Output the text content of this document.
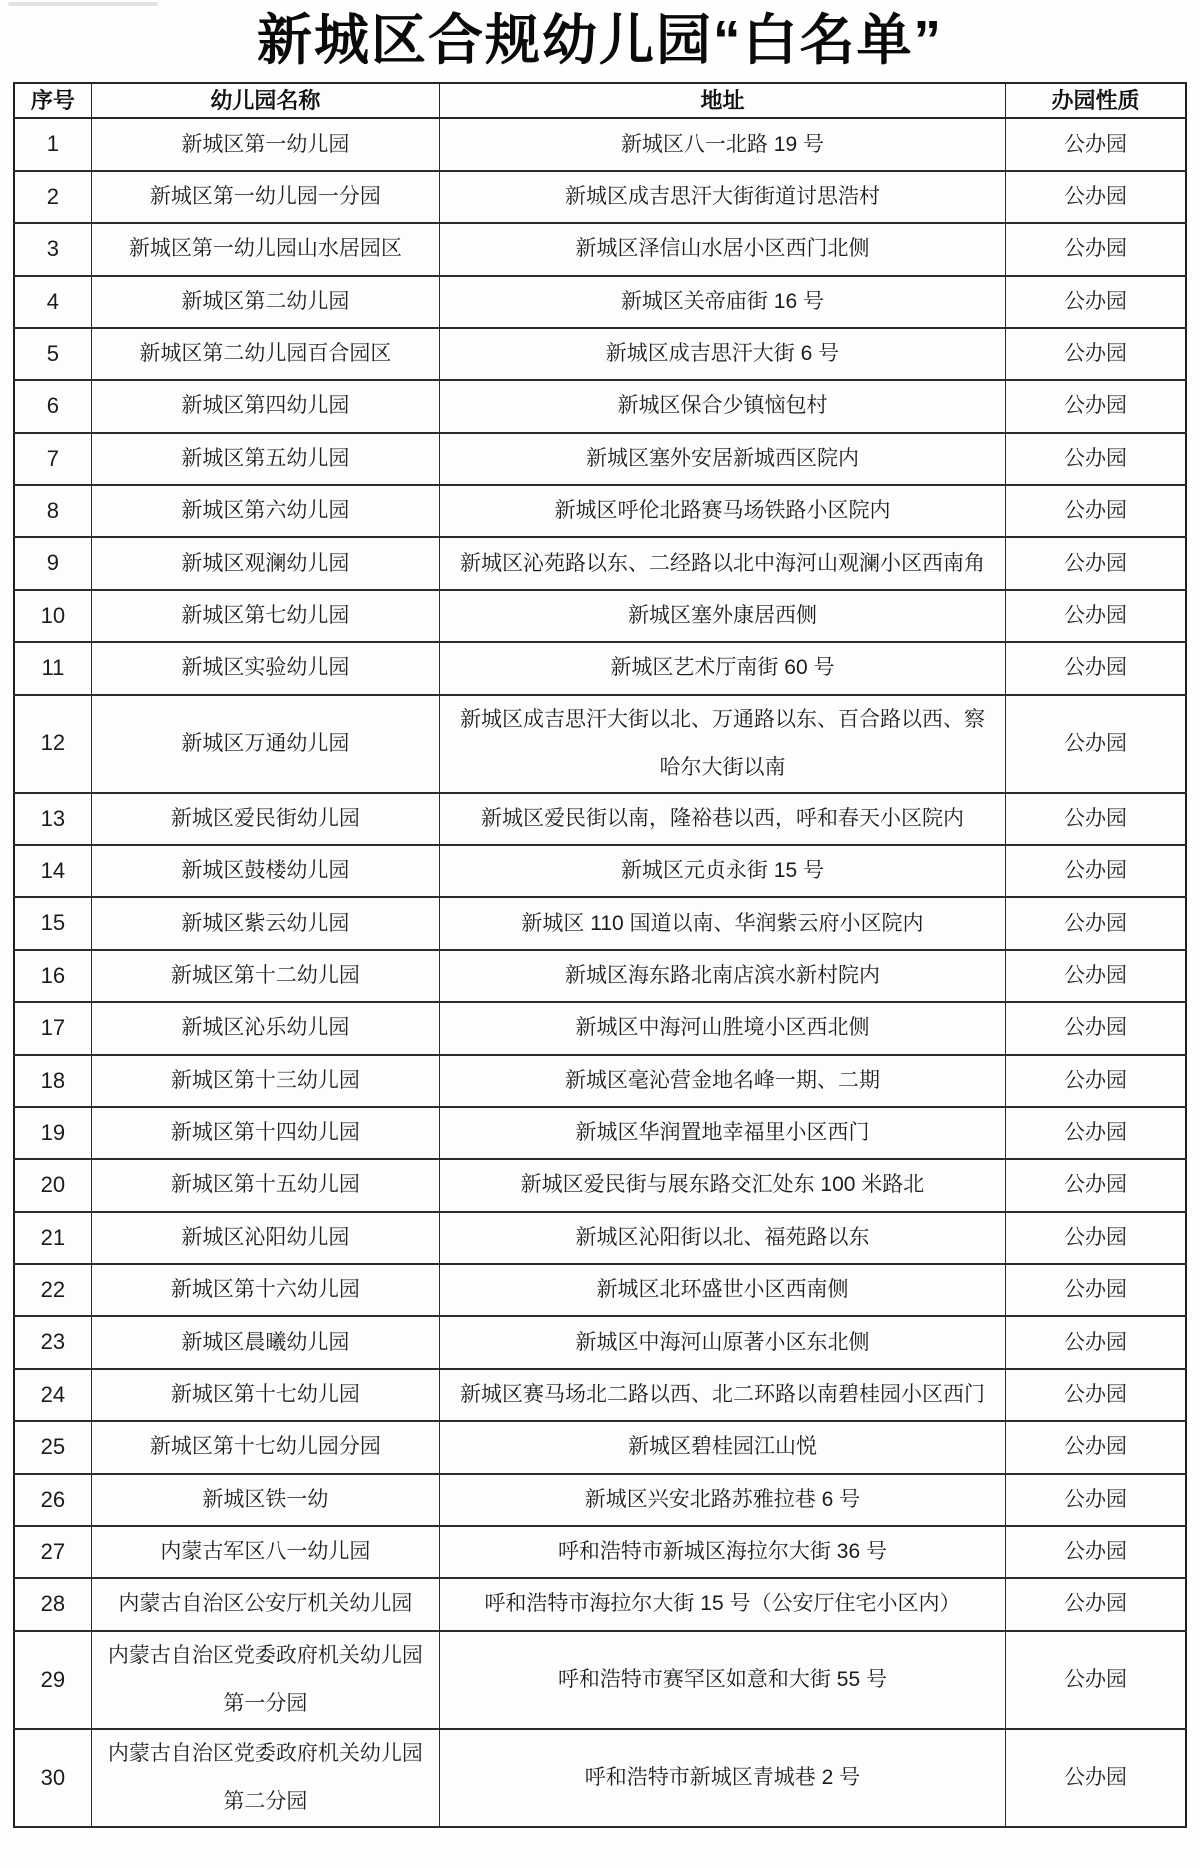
新城区合规幼儿园“白名单”
序号	幼儿园名称	地址	办园性质
1	新城区第一幼儿园	新城区八一北路 19 号	公办园
2	新城区第一幼儿园一分园	新城区成吉思汗大街街道讨思浩村	公办园
3	新城区第一幼儿园山水居园区	新城区泽信山水居小区西门北侧	公办园
4	新城区第二幼儿园	新城区关帝庙街 16 号	公办园
5	新城区第二幼儿园百合园区	新城区成吉思汗大街 6 号	公办园
6	新城区第四幼儿园	新城区保合少镇恼包村	公办园
7	新城区第五幼儿园	新城区塞外安居新城西区院内	公办园
8	新城区第六幼儿园	新城区呼伦北路赛马场铁路小区院内	公办园
9	新城区观澜幼儿园	新城区沁苑路以东、二经路以北中海河山观澜小区西南角	公办园
10	新城区第七幼儿园	新城区塞外康居西侧	公办园
11	新城区实验幼儿园	新城区艺术厅南街 60 号	公办园
12	新城区万通幼儿园	新城区成吉思汗大街以北、万通路以东、百合路以西、察哈尔大街以南	公办园
13	新城区爱民街幼儿园	新城区爱民街以南，隆裕巷以西，呼和春天小区院内	公办园
14	新城区鼓楼幼儿园	新城区元贞永街 15 号	公办园
15	新城区紫云幼儿园	新城区 110 国道以南、华润紫云府小区院内	公办园
16	新城区第十二幼儿园	新城区海东路北南店滨水新村院内	公办园
17	新城区沁乐幼儿园	新城区中海河山胜境小区西北侧	公办园
18	新城区第十三幼儿园	新城区毫沁营金地名峰一期、二期	公办园
19	新城区第十四幼儿园	新城区华润置地幸福里小区西门	公办园
20	新城区第十五幼儿园	新城区爱民街与展东路交汇处东 100 米路北	公办园
21	新城区沁阳幼儿园	新城区沁阳街以北、福苑路以东	公办园
22	新城区第十六幼儿园	新城区北环盛世小区西南侧	公办园
23	新城区晨曦幼儿园	新城区中海河山原著小区东北侧	公办园
24	新城区第十七幼儿园	新城区赛马场北二路以西、北二环路以南碧桂园小区西门	公办园
25	新城区第十七幼儿园分园	新城区碧桂园江山悦	公办园
26	新城区铁一幼	新城区兴安北路苏雅拉巷 6 号	公办园
27	内蒙古军区八一幼儿园	呼和浩特市新城区海拉尔大街 36 号	公办园
28	内蒙古自治区公安厅机关幼儿园	呼和浩特市海拉尔大街 15 号（公安厅住宅小区内）	公办园
29	内蒙古自治区党委政府机关幼儿园第一分园	呼和浩特市赛罕区如意和大街 55 号	公办园
30	内蒙古自治区党委政府机关幼儿园第二分园	呼和浩特市新城区青城巷 2 号	公办园
